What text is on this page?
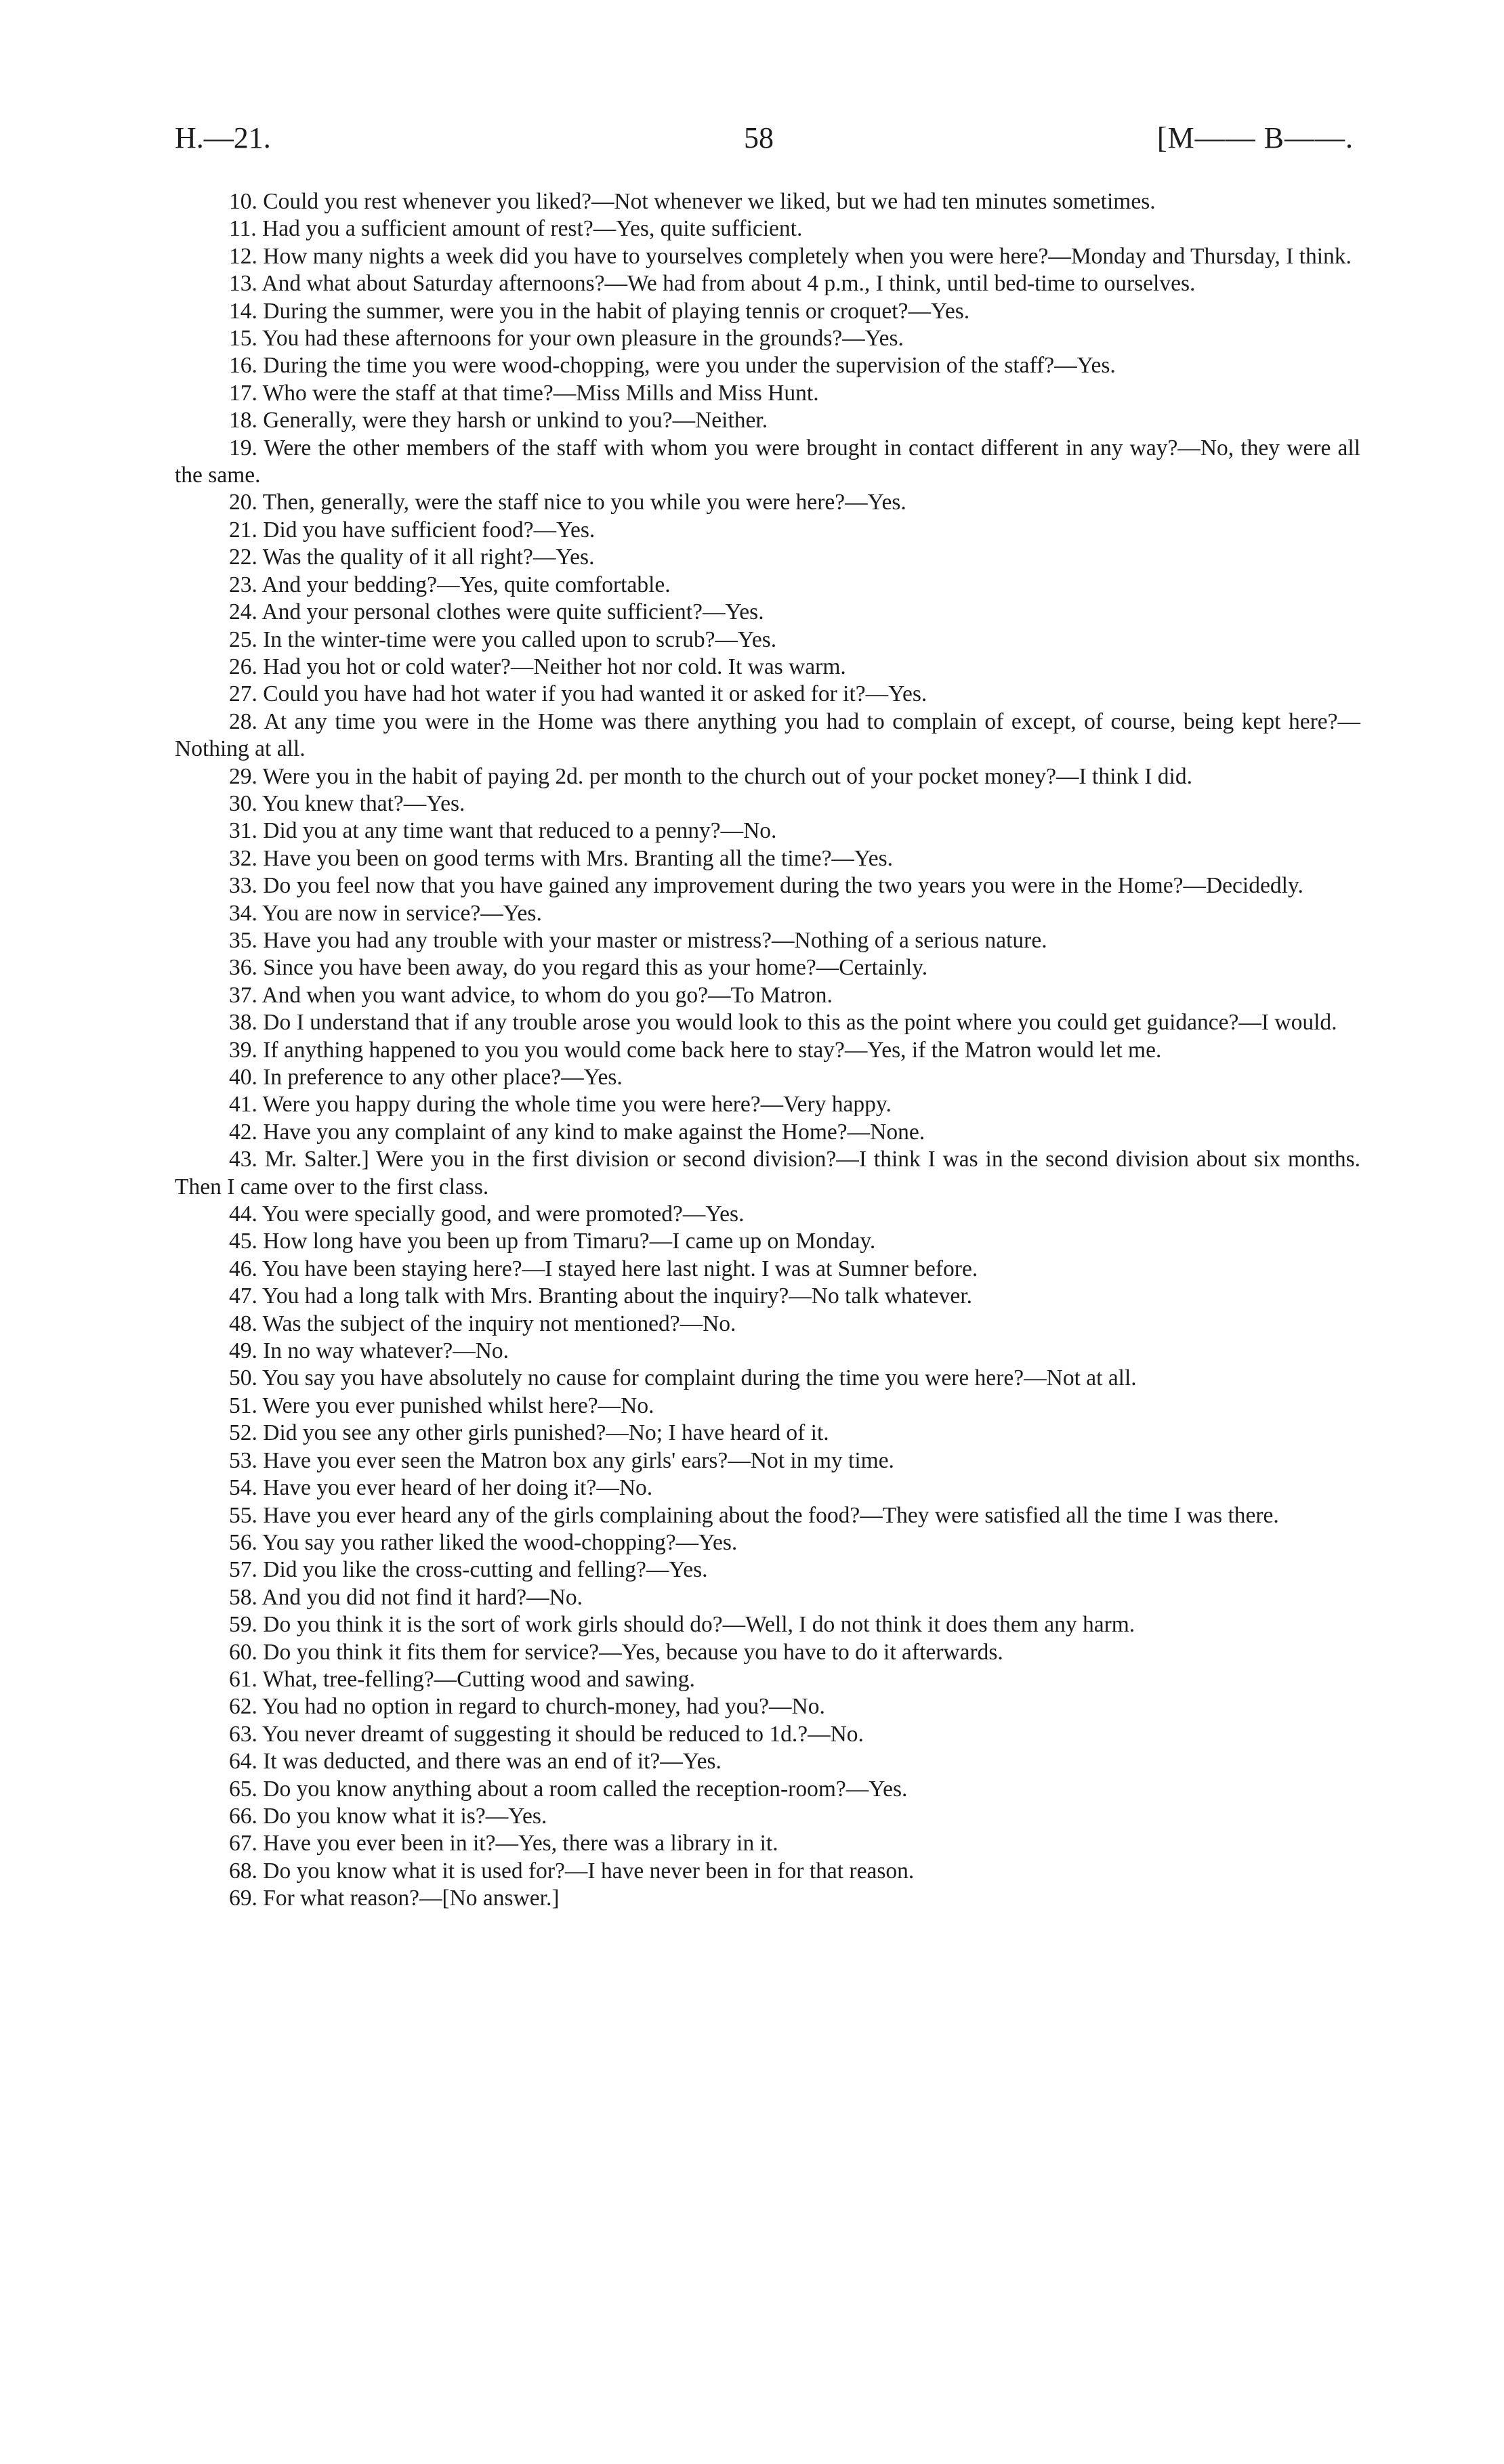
H.—21.	58	[M—— B——.

10. Could you rest whenever you liked?—Not whenever we liked, but we had ten minutes sometimes.

11. Had you a sufficient amount of rest?—Yes, quite sufficient.

12. How many nights a week did you have to yourselves completely when you were here?—Monday and Thursday, I think.

13. And what about Saturday afternoons?—We had from about 4 p.m., I think, until bed-time to ourselves.

14. During the summer, were you in the habit of playing tennis or croquet?—Yes.

15. You had these afternoons for your own pleasure in the grounds?—Yes.

16. During the time you were wood-chopping, were you under the supervision of the staff?—Yes.

17. Who were the staff at that time?—Miss Mills and Miss Hunt.

18. Generally, were they harsh or unkind to you?—Neither.

19. Were the other members of the staff with whom you were brought in contact different in any way?—No, they were all the same.

20. Then, generally, were the staff nice to you while you were here?—Yes.

21. Did you have sufficient food?—Yes.

22. Was the quality of it all right?—Yes.

23. And your bedding?—Yes, quite comfortable.

24. And your personal clothes were quite sufficient?—Yes.

25. In the winter-time were you called upon to scrub?—Yes.

26. Had you hot or cold water?—Neither hot nor cold. It was warm.

27. Could you have had hot water if you had wanted it or asked for it?—Yes.

28. At any time you were in the Home was there anything you had to complain of except, of course, being kept here?—Nothing at all.

29. Were you in the habit of paying 2d. per month to the church out of your pocket money?—I think I did.

30. You knew that?—Yes.

31. Did you at any time want that reduced to a penny?—No.

32. Have you been on good terms with Mrs. Branting all the time?—Yes.

33. Do you feel now that you have gained any improvement during the two years you were in the Home?—Decidedly.

34. You are now in service?—Yes.

35. Have you had any trouble with your master or mistress?—Nothing of a serious nature.

36. Since you have been away, do you regard this as your home?—Certainly.

37. And when you want advice, to whom do you go?—To Matron.

38. Do I understand that if any trouble arose you would look to this as the point where you could get guidance?—I would.

39. If anything happened to you you would come back here to stay?—Yes, if the Matron would let me.

40. In preference to any other place?—Yes.

41. Were you happy during the whole time you were here?—Very happy.

42. Have you any complaint of any kind to make against the Home?—None.

43. Mr. Salter.] Were you in the first division or second division?—I think I was in the second division about six months. Then I came over to the first class.

44. You were specially good, and were promoted?—Yes.

45. How long have you been up from Timaru?—I came up on Monday.

46. You have been staying here?—I stayed here last night. I was at Sumner before.

47. You had a long talk with Mrs. Branting about the inquiry?—No talk whatever.

48. Was the subject of the inquiry not mentioned?—No.

49. In no way whatever?—No.

50. You say you have absolutely no cause for complaint during the time you were here?—Not at all.

51. Were you ever punished whilst here?—No.

52. Did you see any other girls punished?—No; I have heard of it.

53. Have you ever seen the Matron box any girls' ears?—Not in my time.

54. Have you ever heard of her doing it?—No.

55. Have you ever heard any of the girls complaining about the food?—They were satisfied all the time I was there.

56. You say you rather liked the wood-chopping?—Yes.

57. Did you like the cross-cutting and felling?—Yes.

58. And you did not find it hard?—No.

59. Do you think it is the sort of work girls should do?—Well, I do not think it does them any harm.

60. Do you think it fits them for service?—Yes, because you have to do it afterwards.

61. What, tree-felling?—Cutting wood and sawing.

62. You had no option in regard to church-money, had you?—No.

63. You never dreamt of suggesting it should be reduced to 1d.?—No.

64. It was deducted, and there was an end of it?—Yes.

65. Do you know anything about a room called the reception-room?—Yes.

66. Do you know what it is?—Yes.

67. Have you ever been in it?—Yes, there was a library in it.

68. Do you know what it is used for?—I have never been in for that reason.

69. For what reason?—[No answer.]
